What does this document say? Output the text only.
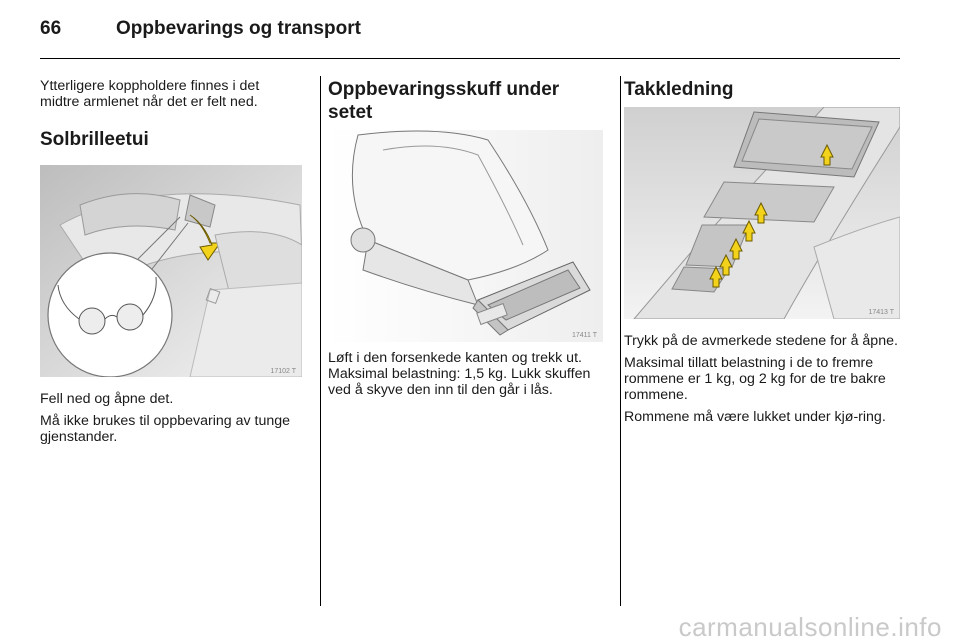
66	Oppbevarings og transport

Ytterligere koppholdere finnes i det midtre armlenet når det er felt ned.

Solbrilleetui
17102 T

Fell ned og åpne det.

Må ikke brukes til oppbevaring av tunge gjenstander.

Oppbevaringsskuff under setet
17411 T

Løft i den forsenkede kanten og trekk ut. Maksimal belastning: 1,5 kg. Lukk skuffen ved å skyve den inn til den går i lås.

Takkledning
17413 T

Trykk på de avmerkede stedene for å åpne.

Maksimal tillatt belastning i de to fremre rommene er 1 kg, og 2 kg for de tre bakre rommene.

Rommene må være lukket under kjø-ring.

carmanualsonline.info
